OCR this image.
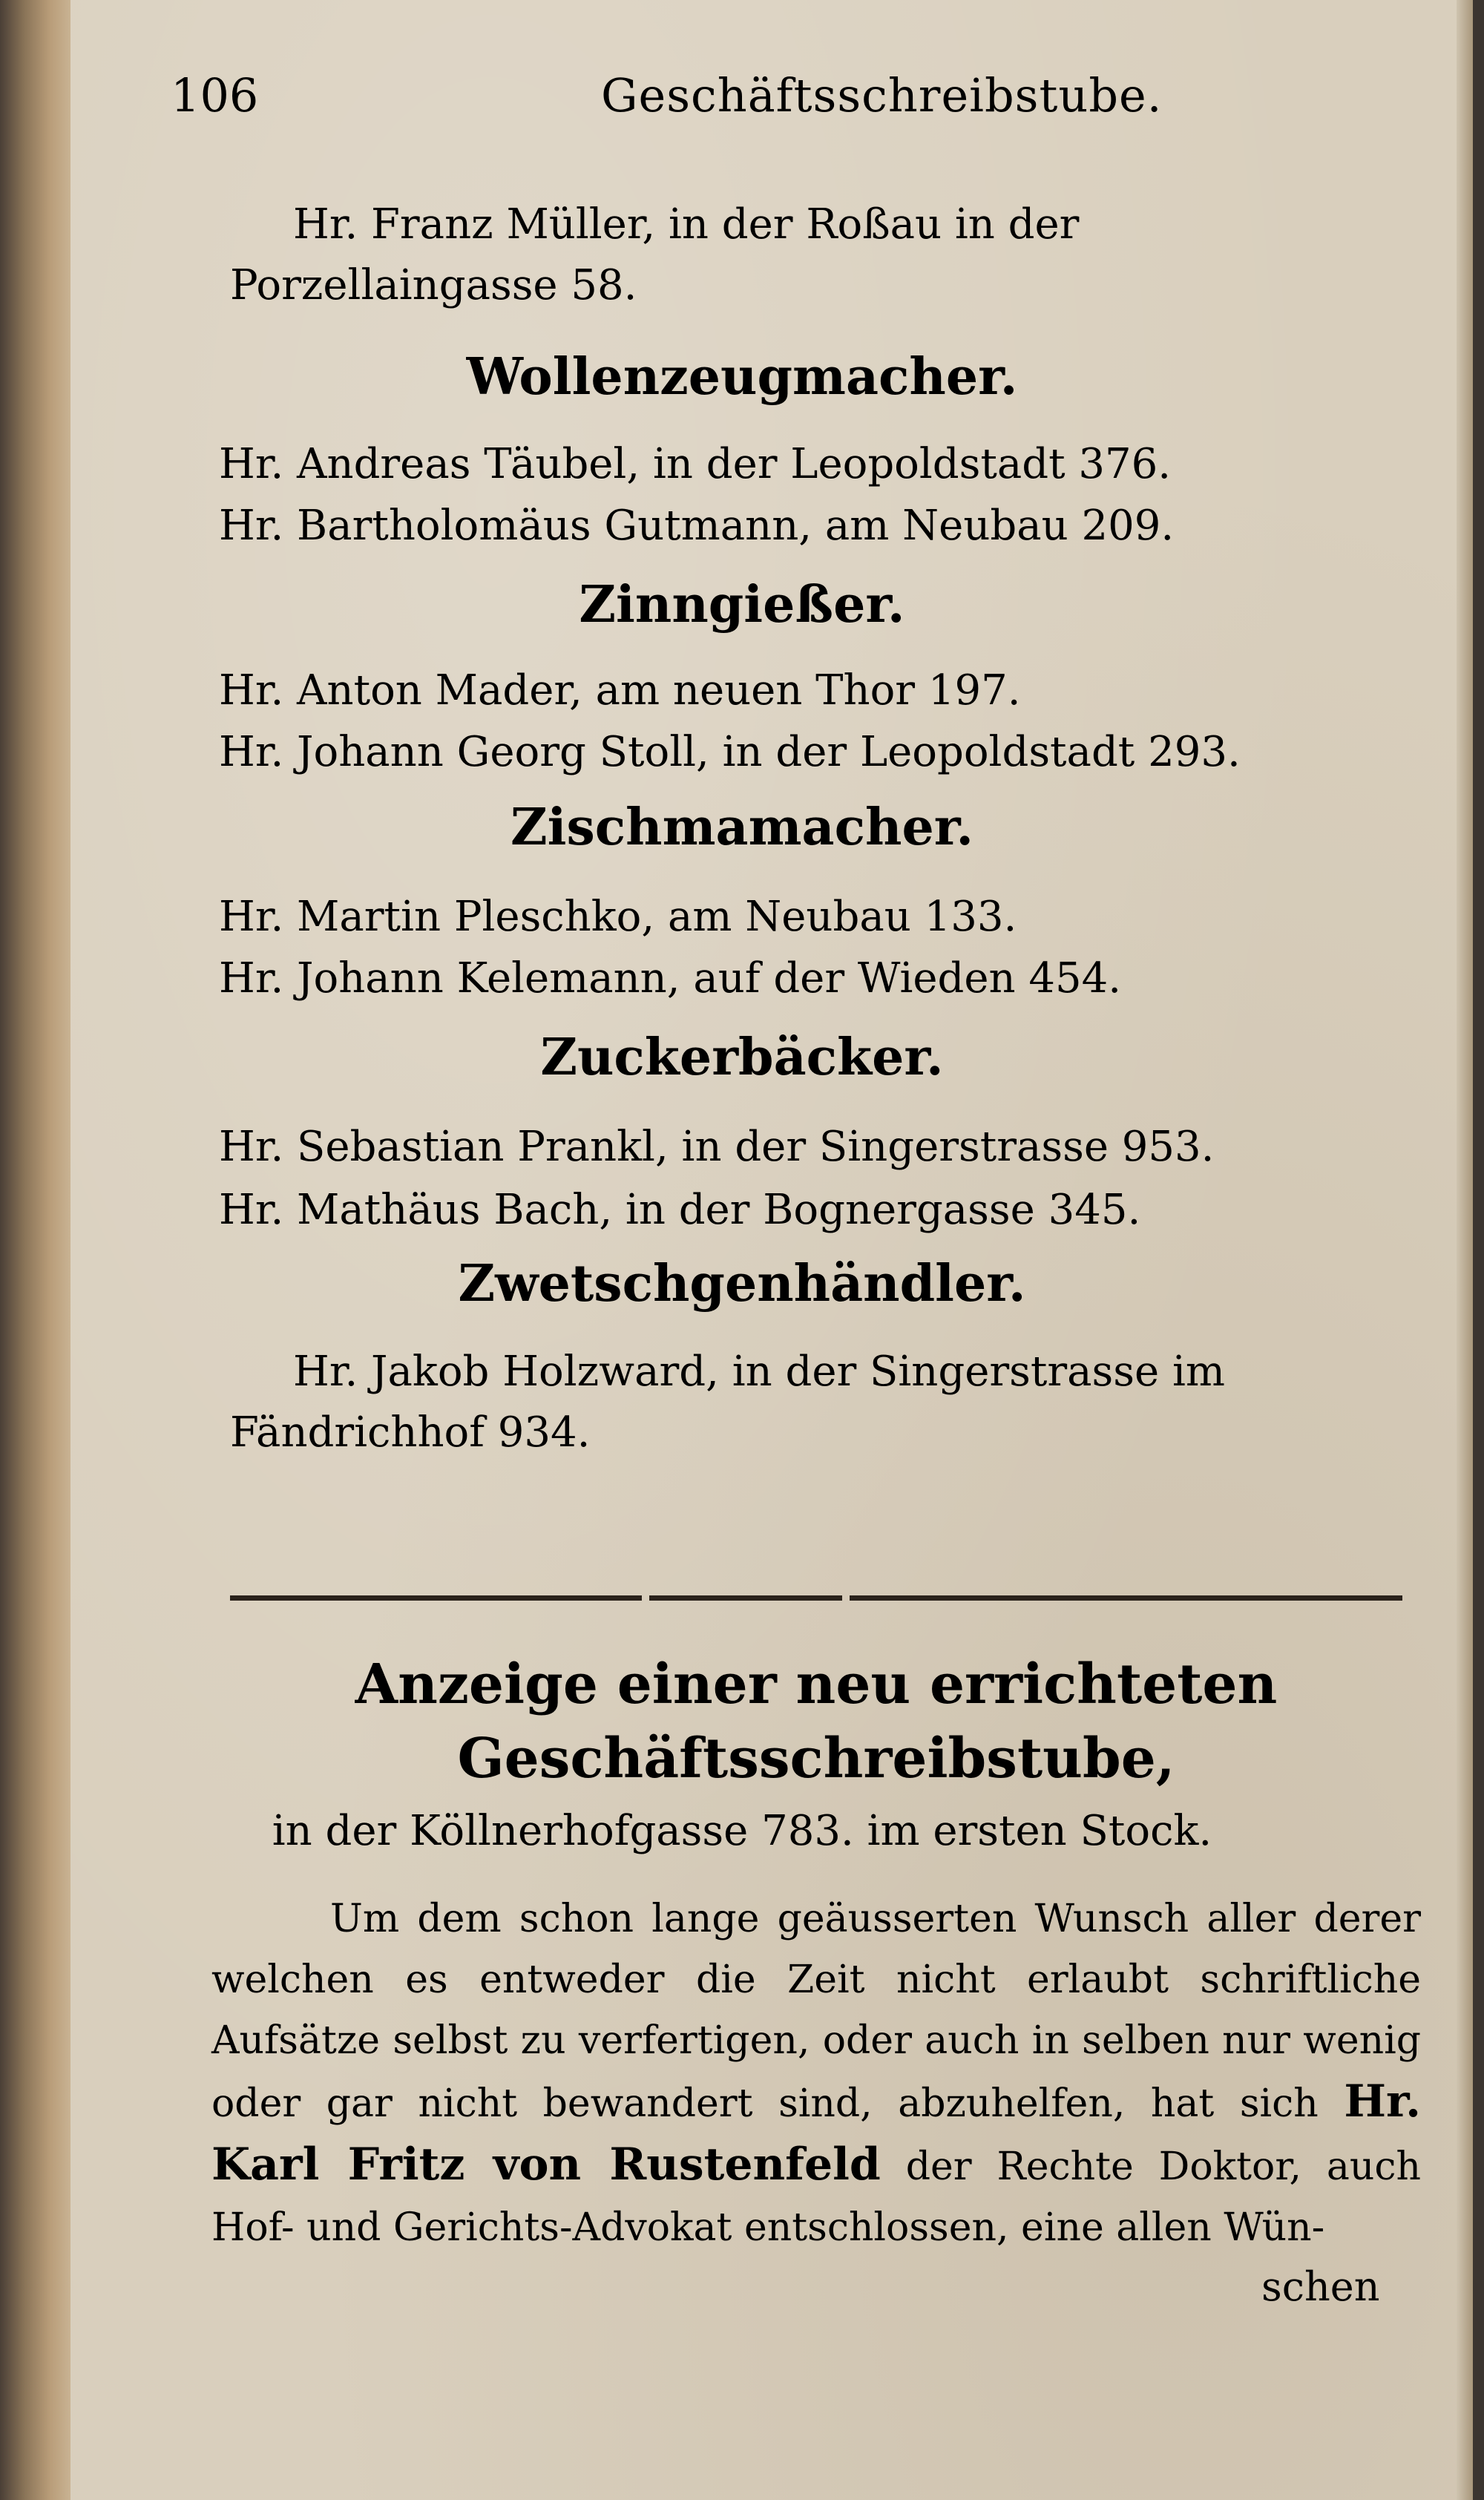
106	Geschäftsschreibstube.
Hr. Franz Müller, in der Roßau in der Porzellaingasse 58.
Wollenzeugmacher.
Hr. Andreas Täubel, in der Leopoldstadt 376.
Hr. Bartholomäus Gutmann, am Neubau 209.
Zinngießer.
Hr. Anton Mader, am neuen Thor 197.
Hr. Johann Georg Stoll, in der Leopoldstadt 293.
Zischmamacher.
Hr. Martin Pleschko, am Neubau 133.
Hr. Johann Kelemann, auf der Wieden 454.
Zuckerbäcker.
Hr. Sebastian Prankl, in der Singerstrasse 953.
Hr. Mathäus Bach, in der Bognergasse 345.
Zwetschgenhändler.
Hr. Jakob Holzward, in der Singerstrasse im Fändrichhof 934.
Anzeige einer neu errichteten Geschäftsschreibstube,
in der Köllnerhofgasse 783. im ersten Stock.
Um dem schon lange geäusserten Wunsch aller derer welchen es entweder die Zeit nicht erlaubt schriftliche Aufsätze selbst zu verfertigen, oder auch in selben nur wenig oder gar nicht bewandert sind, abzuhelfen, hat sich Hr. Karl Fritz von Rustenfeld der Rechte Doktor, auch Hof- und Gerichts-Advokat entschlossen, eine allen Wün-
schen
